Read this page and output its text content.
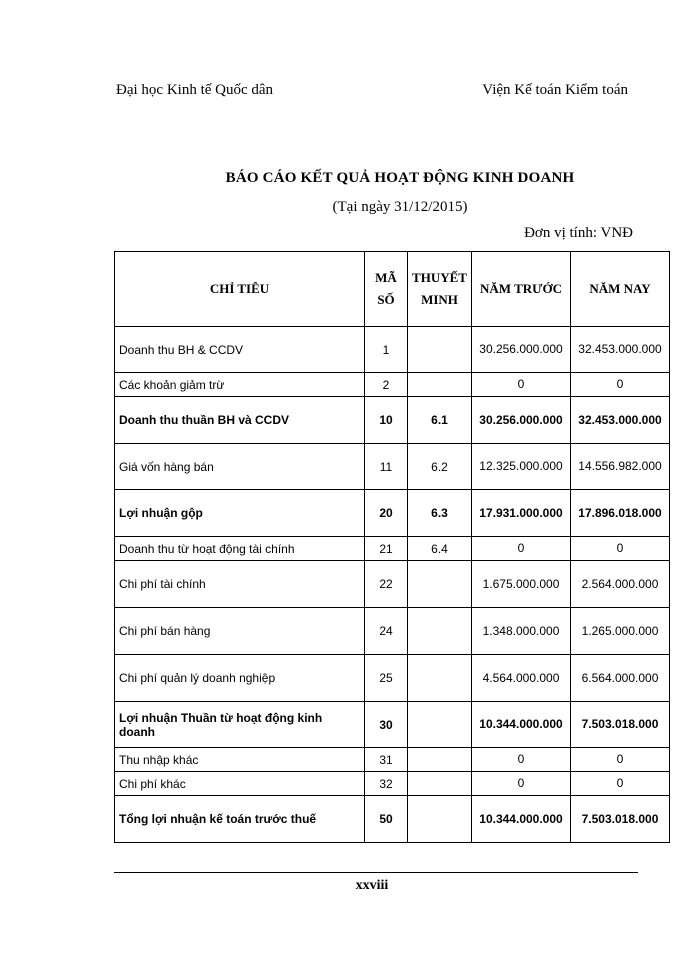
Đại học Kinh tế Quốc dân	Viện Kế toán Kiểm toán
BÁO CÁO KẾT QUẢ HOẠT ĐỘNG KINH DOANH
(Tại ngày 31/12/2015)
Đơn vị tính: VNĐ
CHỈ TIÊU	MÃ SỐ	THUYẾT MINH	NĂM TRƯỚC	NĂM NAY
Doanh thu BH & CCDV	1		30.256.000.000	32.453.000.000
Các khoản giảm trừ	2		0	0
Doanh thu thuần BH và CCDV	10	6.1	30.256.000.000	32.453.000.000
Giá vốn hàng bán	11	6.2	12.325.000.000	14.556.982.000
Lợi nhuận gộp	20	6.3	17.931.000.000	17.896.018.000
Doanh thu từ hoạt động tài chính	21	6.4	0	0
Chi phí tài chính	22		1.675.000.000	2.564.000.000
Chi phí bán hàng	24		1.348.000.000	1.265.000.000
Chi phí quản lý doanh nghiệp	25		4.564.000.000	6.564.000.000
Lợi nhuận Thuần từ hoạt động kinh doanh	30		10.344.000.000	7.503.018.000
Thu nhập khác	31		0	0
Chi phí khác	32		0	0
Tổng lợi nhuận kế toán trước thuế	50		10.344.000.000	7.503.018.000
xxviii
